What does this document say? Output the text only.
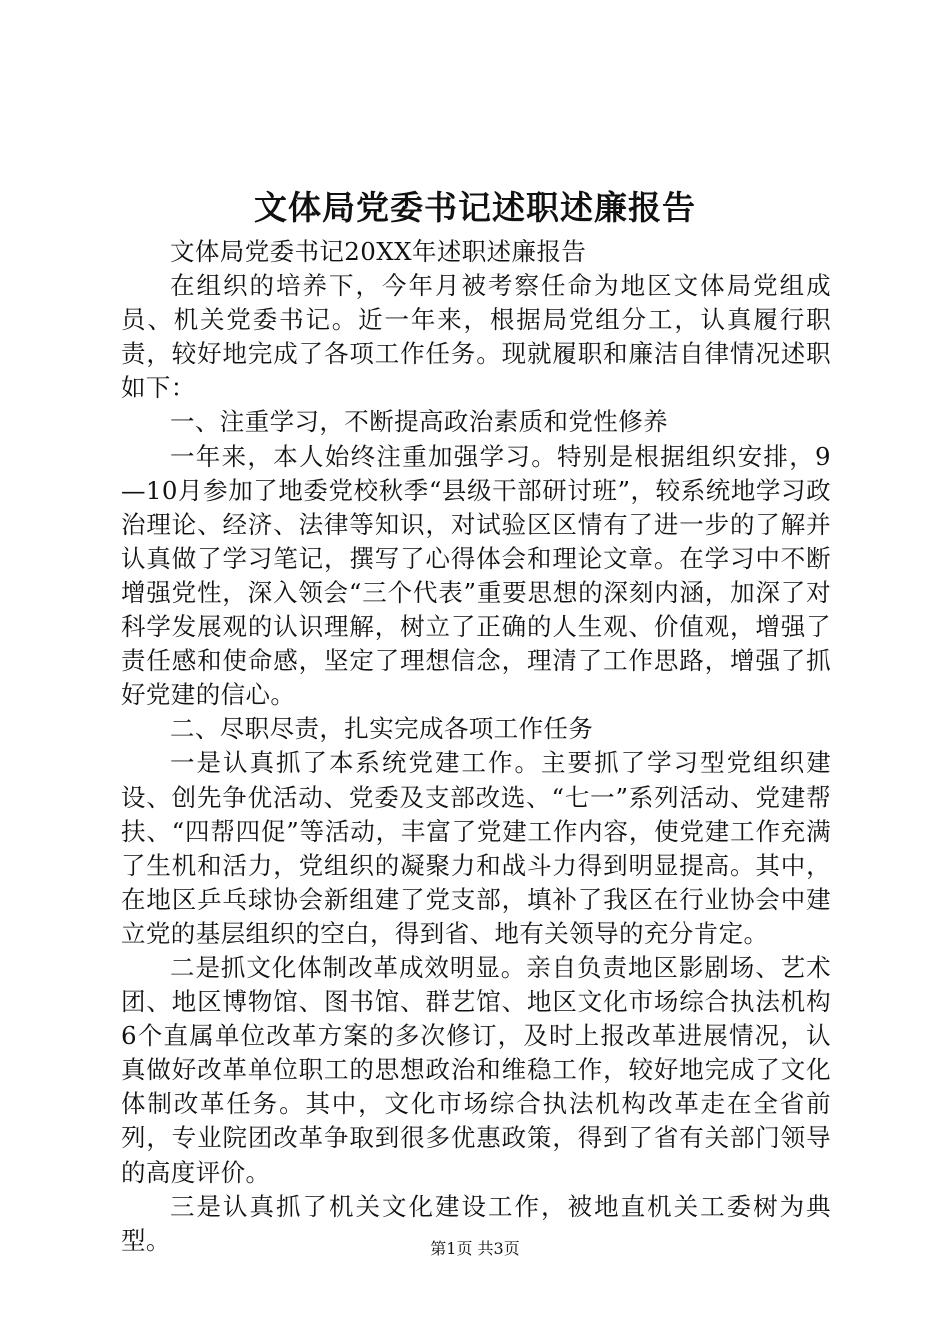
文体局党委书记述职述廉报告

文体局党委书记20XX年述职述廉报告

在组织的培养下，今年月被考察任命为地区文体局党组成员、机关党委书记。近一年来，根据局党组分工，认真履行职责，较好地完成了各项工作任务。现就履职和廉洁自律情况述职如下：

一、注重学习，不断提高政治素质和党性修养

一年来，本人始终注重加强学习。特别是根据组织安排，9—10月参加了地委党校秋季“县级干部研讨班”，较系统地学习政治理论、经济、法律等知识，对试验区区情有了进一步的了解并认真做了学习笔记，撰写了心得体会和理论文章。在学习中不断增强党性，深入领会“三个代表”重要思想的深刻内涵，加深了对科学发展观的认识理解，树立了正确的人生观、价值观，增强了责任感和使命感，坚定了理想信念，理清了工作思路，增强了抓好党建的信心。

二、尽职尽责，扎实完成各项工作任务

一是认真抓了本系统党建工作。主要抓了学习型党组织建设、创先争优活动、党委及支部改选、“七一”系列活动、党建帮扶、“四帮四促”等活动，丰富了党建工作内容，使党建工作充满了生机和活力，党组织的凝聚力和战斗力得到明显提高。其中，在地区乒乓球协会新组建了党支部，填补了我区在行业协会中建立党的基层组织的空白，得到省、地有关领导的充分肯定。

二是抓文化体制改革成效明显。亲自负责地区影剧场、艺术团、地区博物馆、图书馆、群艺馆、地区文化市场综合执法机构6个直属单位改革方案的多次修订，及时上报改革进展情况，认真做好改革单位职工的思想政治和维稳工作，较好地完成了文化体制改革任务。其中，文化市场综合执法机构改革走在全省前列，专业院团改革争取到很多优惠政策，得到了省有关部门领导的高度评价。

三是认真抓了机关文化建设工作，被地直机关工委树为典型。	第1页 共3页
